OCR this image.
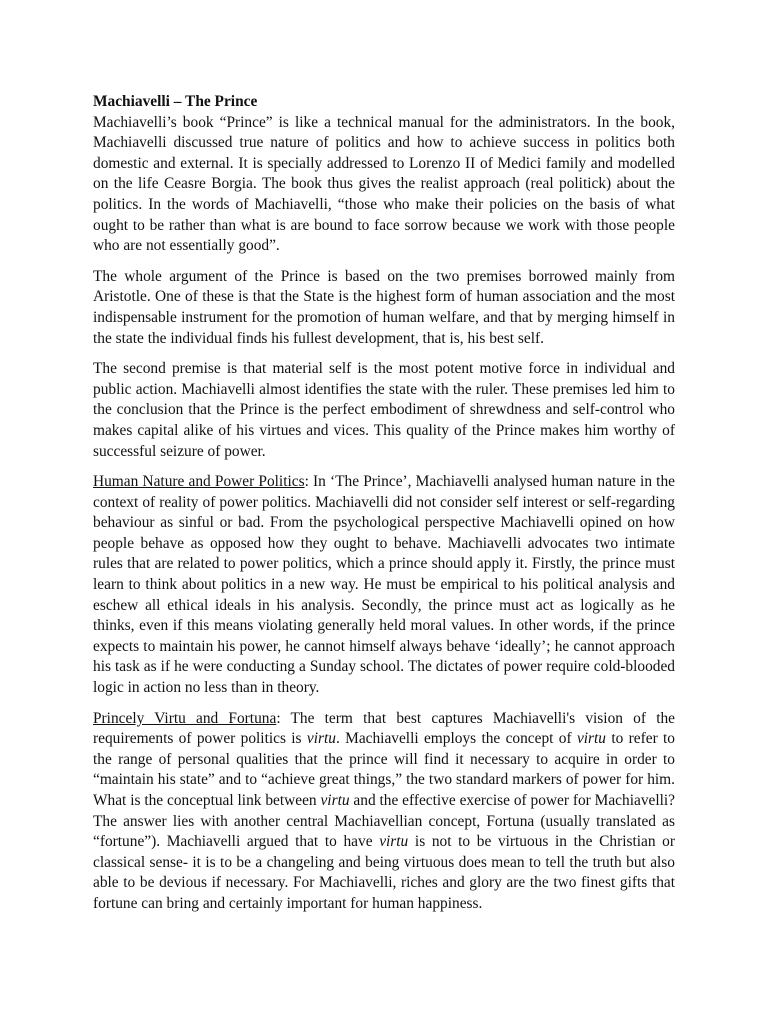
Machiavelli – The Prince

Machiavelli’s book “Prince” is like a technical manual for the administrators. In the book, Machiavelli discussed true nature of politics and how to achieve success in politics both domestic and external. It is specially addressed to Lorenzo II of Medici family and modelled on the life Ceasre Borgia. The book thus gives the realist approach (real politick) about the politics. In the words of Machiavelli, “those who make their policies on the basis of what ought to be rather than what is are bound to face sorrow because we work with those people who are not essentially good”.

The whole argument of the Prince is based on the two premises borrowed mainly from Aristotle. One of these is that the State is the highest form of human association and the most indispensable instrument for the promotion of human welfare, and that by merging himself in the state the individual finds his fullest development, that is, his best self.

The second premise is that material self is the most potent motive force in individual and public action. Machiavelli almost identifies the state with the ruler. These premises led him to the conclusion that the Prince is the perfect embodiment of shrewdness and self-control who makes capital alike of his virtues and vices. This quality of the Prince makes him worthy of successful seizure of power.

Human Nature and Power Politics: In ‘The Prince’, Machiavelli analysed human nature in the context of reality of power politics. Machiavelli did not consider self interest or self-regarding behaviour as sinful or bad. From the psychological perspective Machiavelli opined on how people behave as opposed how they ought to behave. Machiavelli advocates two intimate rules that are related to power politics, which a prince should apply it. Firstly, the prince must learn to think about politics in a new way. He must be empirical to his political analysis and eschew all ethical ideals in his analysis. Secondly, the prince must act as logically as he thinks, even if this means violating generally held moral values. In other words, if the prince expects to maintain his power, he cannot himself always behave ‘ideally’; he cannot approach his task as if he were conducting a Sunday school. The dictates of power require cold-blooded logic in action no less than in theory.

Princely Virtu and Fortuna: The term that best captures Machiavelli's vision of the requirements of power politics is virtu. Machiavelli employs the concept of virtu to refer to the range of personal qualities that the prince will find it necessary to acquire in order to “maintain his state” and to “achieve great things,” the two standard markers of power for him. What is the conceptual link between virtu and the effective exercise of power for Machiavelli? The answer lies with another central Machiavellian concept, Fortuna (usually translated as “fortune”). Machiavelli argued that to have virtu is not to be virtuous in the Christian or classical sense- it is to be a changeling and being virtuous does mean to tell the truth but also able to be devious if necessary. For Machiavelli, riches and glory are the two finest gifts that fortune can bring and certainly important for human happiness.
